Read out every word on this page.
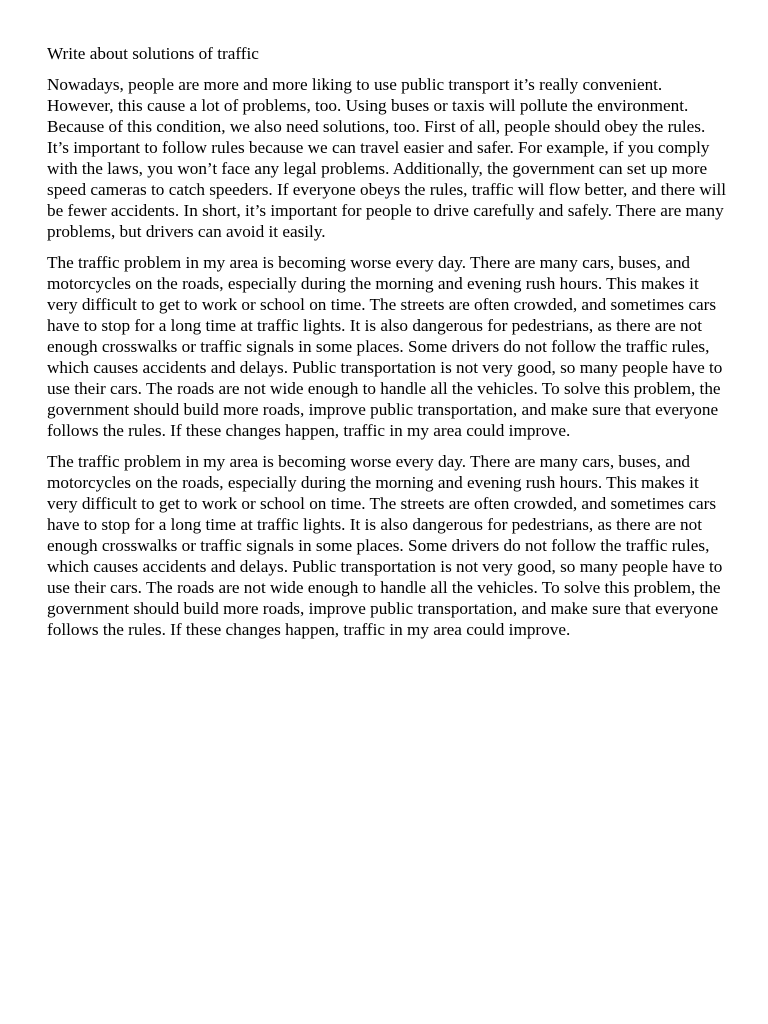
Write about solutions of traffic

Nowadays, people are more and more liking to use public transport it’s really convenient. However, this cause a lot of problems, too. Using buses or taxis will pollute the environment. Because of this condition, we also need solutions, too. First of all, people should obey the rules. It’s important to follow rules because we can travel easier and safer. For example, if you comply with the laws, you won’t face any legal problems. Additionally, the government can set up more speed cameras to catch speeders. If everyone obeys the rules, traffic will flow better, and there will be fewer accidents. In short, it’s important for people to drive carefully and safely. There are many problems, but drivers can avoid it easily.

The traffic problem in my area is becoming worse every day. There are many cars, buses, and motorcycles on the roads, especially during the morning and evening rush hours. This makes it very difficult to get to work or school on time. The streets are often crowded, and sometimes cars have to stop for a long time at traffic lights. It is also dangerous for pedestrians, as there are not enough crosswalks or traffic signals in some places. Some drivers do not follow the traffic rules, which causes accidents and delays. Public transportation is not very good, so many people have to use their cars. The roads are not wide enough to handle all the vehicles. To solve this problem, the government should build more roads, improve public transportation, and make sure that everyone follows the rules. If these changes happen, traffic in my area could improve.

The traffic problem in my area is becoming worse every day. There are many cars, buses, and motorcycles on the roads, especially during the morning and evening rush hours. This makes it very difficult to get to work or school on time. The streets are often crowded, and sometimes cars have to stop for a long time at traffic lights. It is also dangerous for pedestrians, as there are not enough crosswalks or traffic signals in some places. Some drivers do not follow the traffic rules, which causes accidents and delays. Public transportation is not very good, so many people have to use their cars. The roads are not wide enough to handle all the vehicles. To solve this problem, the government should build more roads, improve public transportation, and make sure that everyone follows the rules. If these changes happen, traffic in my area could improve.
